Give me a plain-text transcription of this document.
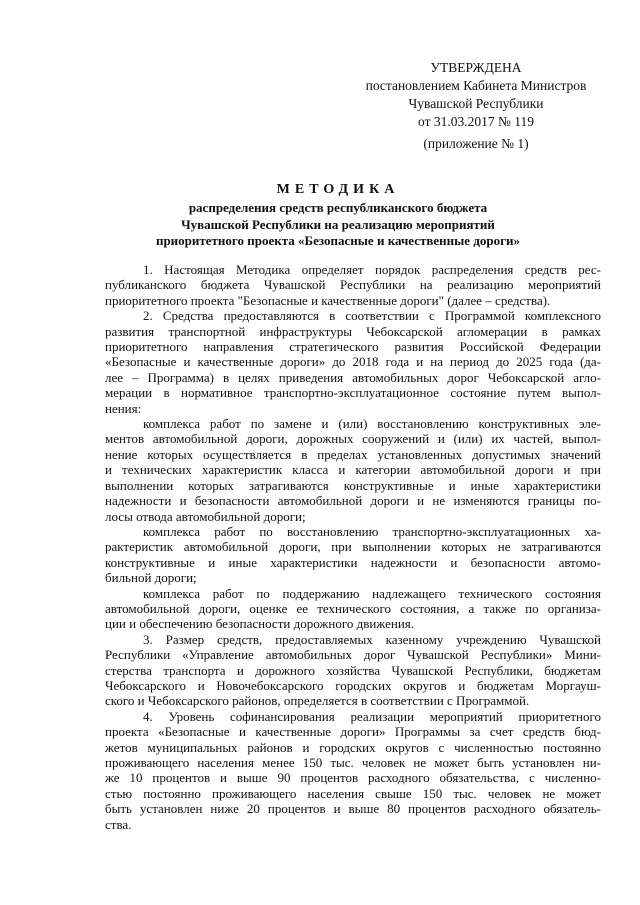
УТВЕРЖДЕНА
постановлением Кабинета Министров
Чувашской Республики
от 31.03.2017 № 119
(приложение № 1)
МЕТОДИКА
распределения средств республиканского бюджета
Чувашской Республики на реализацию мероприятий
приоритетного проекта «Безопасные и качественные дороги»
1. Настоящая Методика определяет порядок распределения средств рес-
публиканского бюджета Чувашской Республики на реализацию мероприятий
приоритетного проекта "Безопасные и качественные дороги" (далее – средства).
2. Средства предоставляются в соответствии с Программой комплексного
развития транспортной инфраструктуры Чебоксарской агломерации в рамках
приоритетного направления стратегического развития Российской Федерации
«Безопасные и качественные дороги» до 2018 года и на период до 2025 года (да-
лее – Программа) в целях приведения автомобильных дорог Чебоксарской агло-
мерации в нормативное транспортно-эксплуатационное состояние путем выпол-
нения:
комплекса работ по замене и (или) восстановлению конструктивных эле-
ментов автомобильной дороги, дорожных сооружений и (или) их частей, выпол-
нение которых осуществляется в пределах установленных допустимых значений
и технических характеристик класса и категории автомобильной дороги и при
выполнении которых затрагиваются конструктивные и иные характеристики
надежности и безопасности автомобильной дороги и не изменяются границы по-
лосы отвода автомобильной дороги;
комплекса работ по восстановлению транспортно-эксплуатационных ха-
рактеристик автомобильной дороги, при выполнении которых не затрагиваются
конструктивные и иные характеристики надежности и безопасности автомо-
бильной дороги;
комплекса работ по поддержанию надлежащего технического состояния
автомобильной дороги, оценке ее технического состояния, а также по организа-
ции и обеспечению безопасности дорожного движения.
3. Размер средств, предоставляемых казенному учреждению Чувашской
Республики «Управление автомобильных дорог Чувашской Республики» Мини-
стерства транспорта и дорожного хозяйства Чувашской Республики, бюджетам
Чебоксарского и Новочебоксарского городских округов и бюджетам Моргауш-
ского и Чебоксарского районов, определяется в соответствии с Программой.
4. Уровень софинансирования реализации мероприятий приоритетного
проекта «Безопасные и качественные дороги» Программы за счет средств бюд-
жетов муниципальных районов и городских округов с численностью постоянно
проживающего населения менее 150 тыс. человек не может быть установлен ни-
же 10 процентов и выше 90 процентов расходного обязательства, с численно-
стью постоянно проживающего населения свыше 150 тыс. человек не может
быть установлен ниже 20 процентов и выше 80 процентов расходного обязатель-
ства.
